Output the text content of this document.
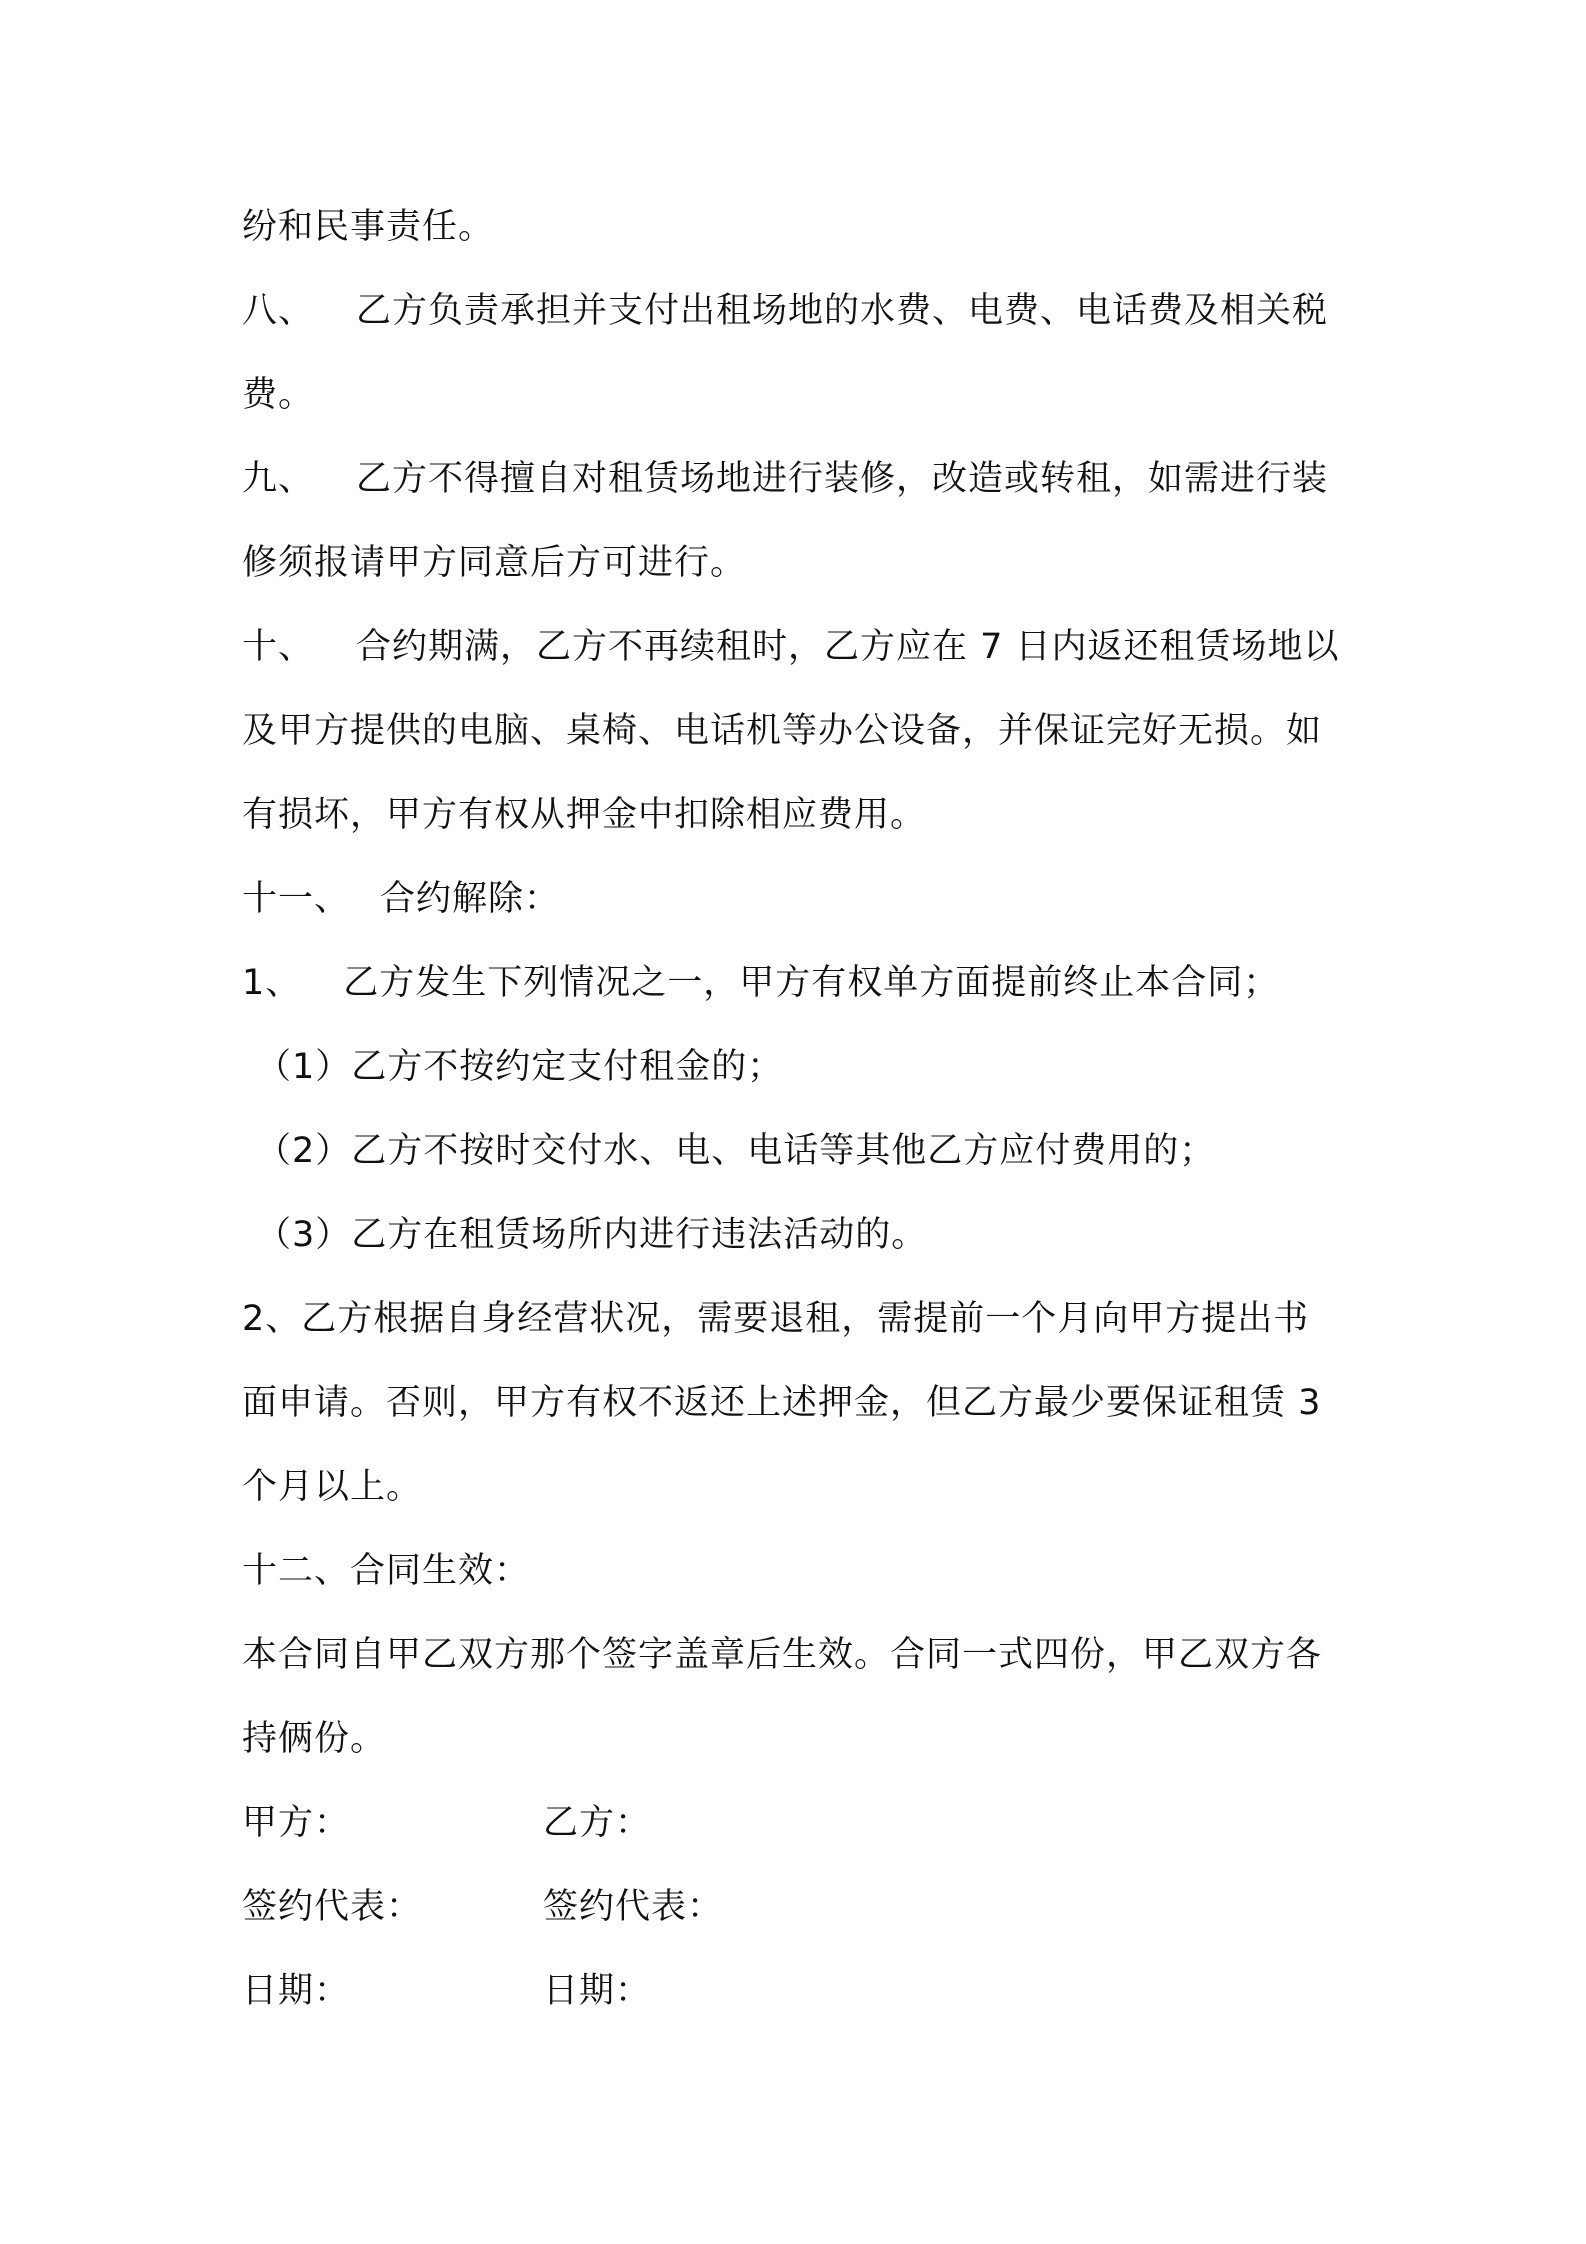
纷和民事责任。
八、 乙方负责承担并支付出租场地的水费、电费、电话费及相关税
费。
九、 乙方不得擅自对租赁场地进行装修，改造或转租，如需进行装
修须报请甲方同意后方可进行。
十、 合约期满，乙方不再续租时，乙方应在 7 日内返还租赁场地以
及甲方提供的电脑、桌椅、电话机等办公设备，并保证完好无损。如
有损坏，甲方有权从押金中扣除相应费用。
十一、 合约解除：
1、 乙方发生下列情况之一，甲方有权单方面提前终止本合同；
（1）乙方不按约定支付租金的；
（2）乙方不按时交付水、电、电话等其他乙方应付费用的；
（3）乙方在租赁场所内进行违法活动的。
2、乙方根据自身经营状况，需要退租，需提前一个月向甲方提出书
面申请。否则，甲方有权不返还上述押金，但乙方最少要保证租赁 3
个月以上。
十二、合同生效：
本合同自甲乙双方那个签字盖章后生效。合同一式四份，甲乙双方各
持俩份。
甲方：	乙方：
签约代表：	签约代表：
日期：	日期：
